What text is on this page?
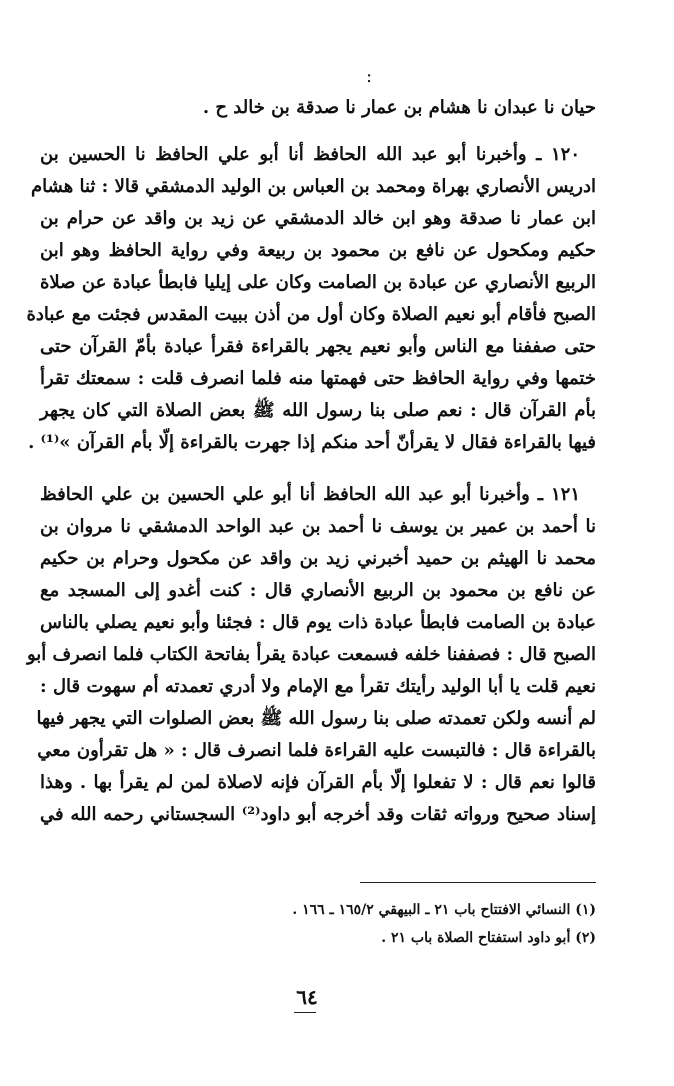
:
حيان نا عبدان نا هشام بن عمار نا صدقة بن خالد ح .
١٢٠ ـ وأخبرنا أبو عبد الله الحافظ أنا أبو علي الحافظ نا الحسين بن
ادريس الأنصاري بهراة ومحمد بن العباس بن الوليد الدمشقي قالا : ثنا هشام
ابن عمار نا صدقة وهو ابن خالد الدمشقي عن زيد بن واقد عن حرام بن
حكيم ومكحول عن نافع بن محمود بن ربيعة وفي رواية الحافظ وهو ابن
الربيع الأنصاري عن عبادة بن الصامت وكان على إيليا فابطأ عبادة عن صلاة
الصبح فأقام أبو نعيم الصلاة وكان أول من أذن ببيت المقدس فجئت مع عبادة
حتى صففنا مع الناس وأبو نعيم يجهر بالقراءة فقرأ عبادة بأمّ القرآن حتى
ختمها وفي رواية الحافظ حتى فهمتها منه فلما انصرف قلت : سمعتك تقرأ
بأم القرآن قال : نعم صلى بنا رسول الله ﷺ بعض الصلاة التي كان يجهر
فيها بالقراءة فقال لا يقرأنّ أحد منكم إذا جهرت بالقراءة إلّا بأم القرآن »⁽¹⁾ .
١٢١ ـ وأخبرنا أبو عبد الله الحافظ أنا أبو علي الحسين بن علي الحافظ
نا أحمد بن عمير بن يوسف نا أحمد بن عبد الواحد الدمشقي نا مروان بن
محمد نا الهيثم بن حميد أخبرني زيد بن واقد عن مكحول وحرام بن حكيم
عن نافع بن محمود بن الربيع الأنصاري قال : كنت أغدو إلى المسجد مع
عبادة بن الصامت فابطأ عبادة ذات يوم قال : فجئنا وأبو نعيم يصلي بالناس
الصبح قال : فصففنا خلفه فسمعت عبادة يقرأ بفاتحة الكتاب فلما انصرف أبو
نعيم قلت يا أبا الوليد رأيتك تقرأ مع الإمام ولا أدري تعمدته أم سهوت قال :
لم أنسه ولكن تعمدته صلى بنا رسول الله ﷺ بعض الصلوات التي يجهر فيها
بالقراءة قال : فالتبست عليه القراءة فلما انصرف قال : « هل تقرأون معي
قالوا نعم قال : لا تفعلوا إلّا بأم القرآن فإنه لاصلاة لمن لم يقرأ بها . وهذا
إسناد صحيح ورواته ثقات وقد أخرجه أبو داود⁽²⁾ السجستاني رحمه الله في
(١) النسائي الافتتاح باب ٢١ ـ البيهقي ١٦٥/٢ ـ ١٦٦ .
(٢) أبو داود استفتاح الصلاة باب ٢١ .
٦٤
